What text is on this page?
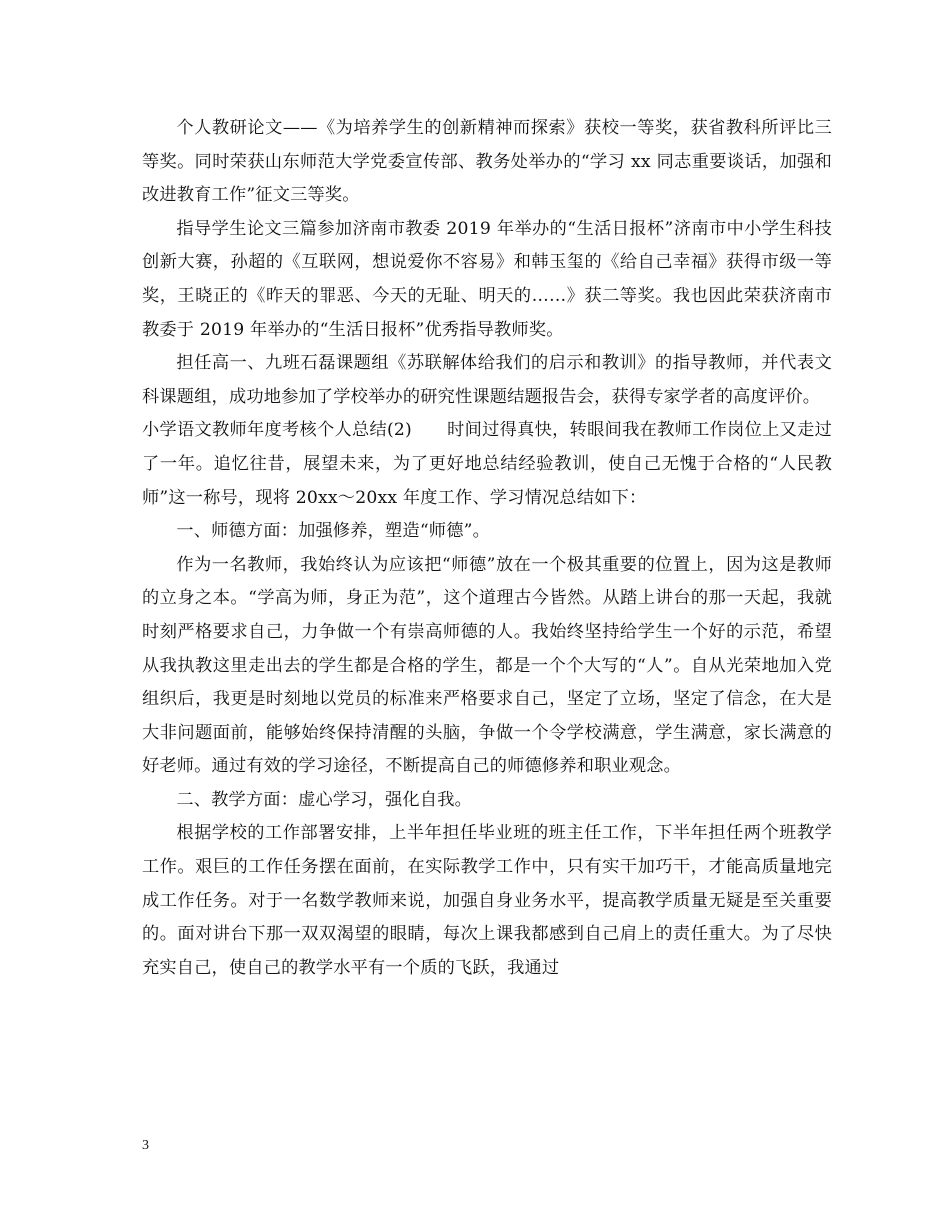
个人教研论文——《为培养学生的创新精神而探索》获校一等奖，获省教科所评比三等奖。同时荣获山东师范大学党委宣传部、教务处举办的“学习 xx 同志重要谈话，加强和改进教育工作”征文三等奖。

指导学生论文三篇参加济南市教委 2019 年举办的“生活日报杯”济南市中小学生科技创新大赛，孙超的《互联网，想说爱你不容易》和韩玉玺的《给自己幸福》获得市级一等奖，王晓正的《昨天的罪恶、今天的无耻、明天的……》获二等奖。我也因此荣获济南市教委于 2019 年举办的“生活日报杯”优秀指导教师奖。

担任高一、九班石磊课题组《苏联解体给我们的启示和教训》的指导教师，并代表文科课题组，成功地参加了学校举办的研究性课题结题报告会，获得专家学者的高度评价。

小学语文教师年度考核个人总结(2)　　时间过得真快，转眼间我在教师工作岗位上又走过了一年。追忆往昔，展望未来，为了更好地总结经验教训，使自己无愧于合格的“人民教师”这一称号，现将 20xx～20xx 年度工作、学习情况总结如下：

一、师德方面：加强修养，塑造“师德”。

作为一名教师，我始终认为应该把“师德”放在一个极其重要的位置上，因为这是教师的立身之本。“学高为师，身正为范”，这个道理古今皆然。从踏上讲台的那一天起，我就时刻严格要求自己，力争做一个有崇高师德的人。我始终坚持给学生一个好的示范，希望从我执教这里走出去的学生都是合格的学生，都是一个个大写的“人”。自从光荣地加入党组织后，我更是时刻地以党员的标准来严格要求自己，坚定了立场，坚定了信念，在大是大非问题面前，能够始终保持清醒的头脑，争做一个令学校满意，学生满意，家长满意的好老师。通过有效的学习途径，不断提高自己的师德修养和职业观念。

二、教学方面：虚心学习，强化自我。

根据学校的工作部署安排，上半年担任毕业班的班主任工作，下半年担任两个班教学工作。艰巨的工作任务摆在面前，在实际教学工作中，只有实干加巧干，才能高质量地完成工作任务。对于一名数学教师来说，加强自身业务水平，提高教学质量无疑是至关重要的。面对讲台下那一双双渴望的眼睛，每次上课我都感到自己肩上的责任重大。为了尽快充实自己，使自己的教学水平有一个质的飞跃，我通过

3
